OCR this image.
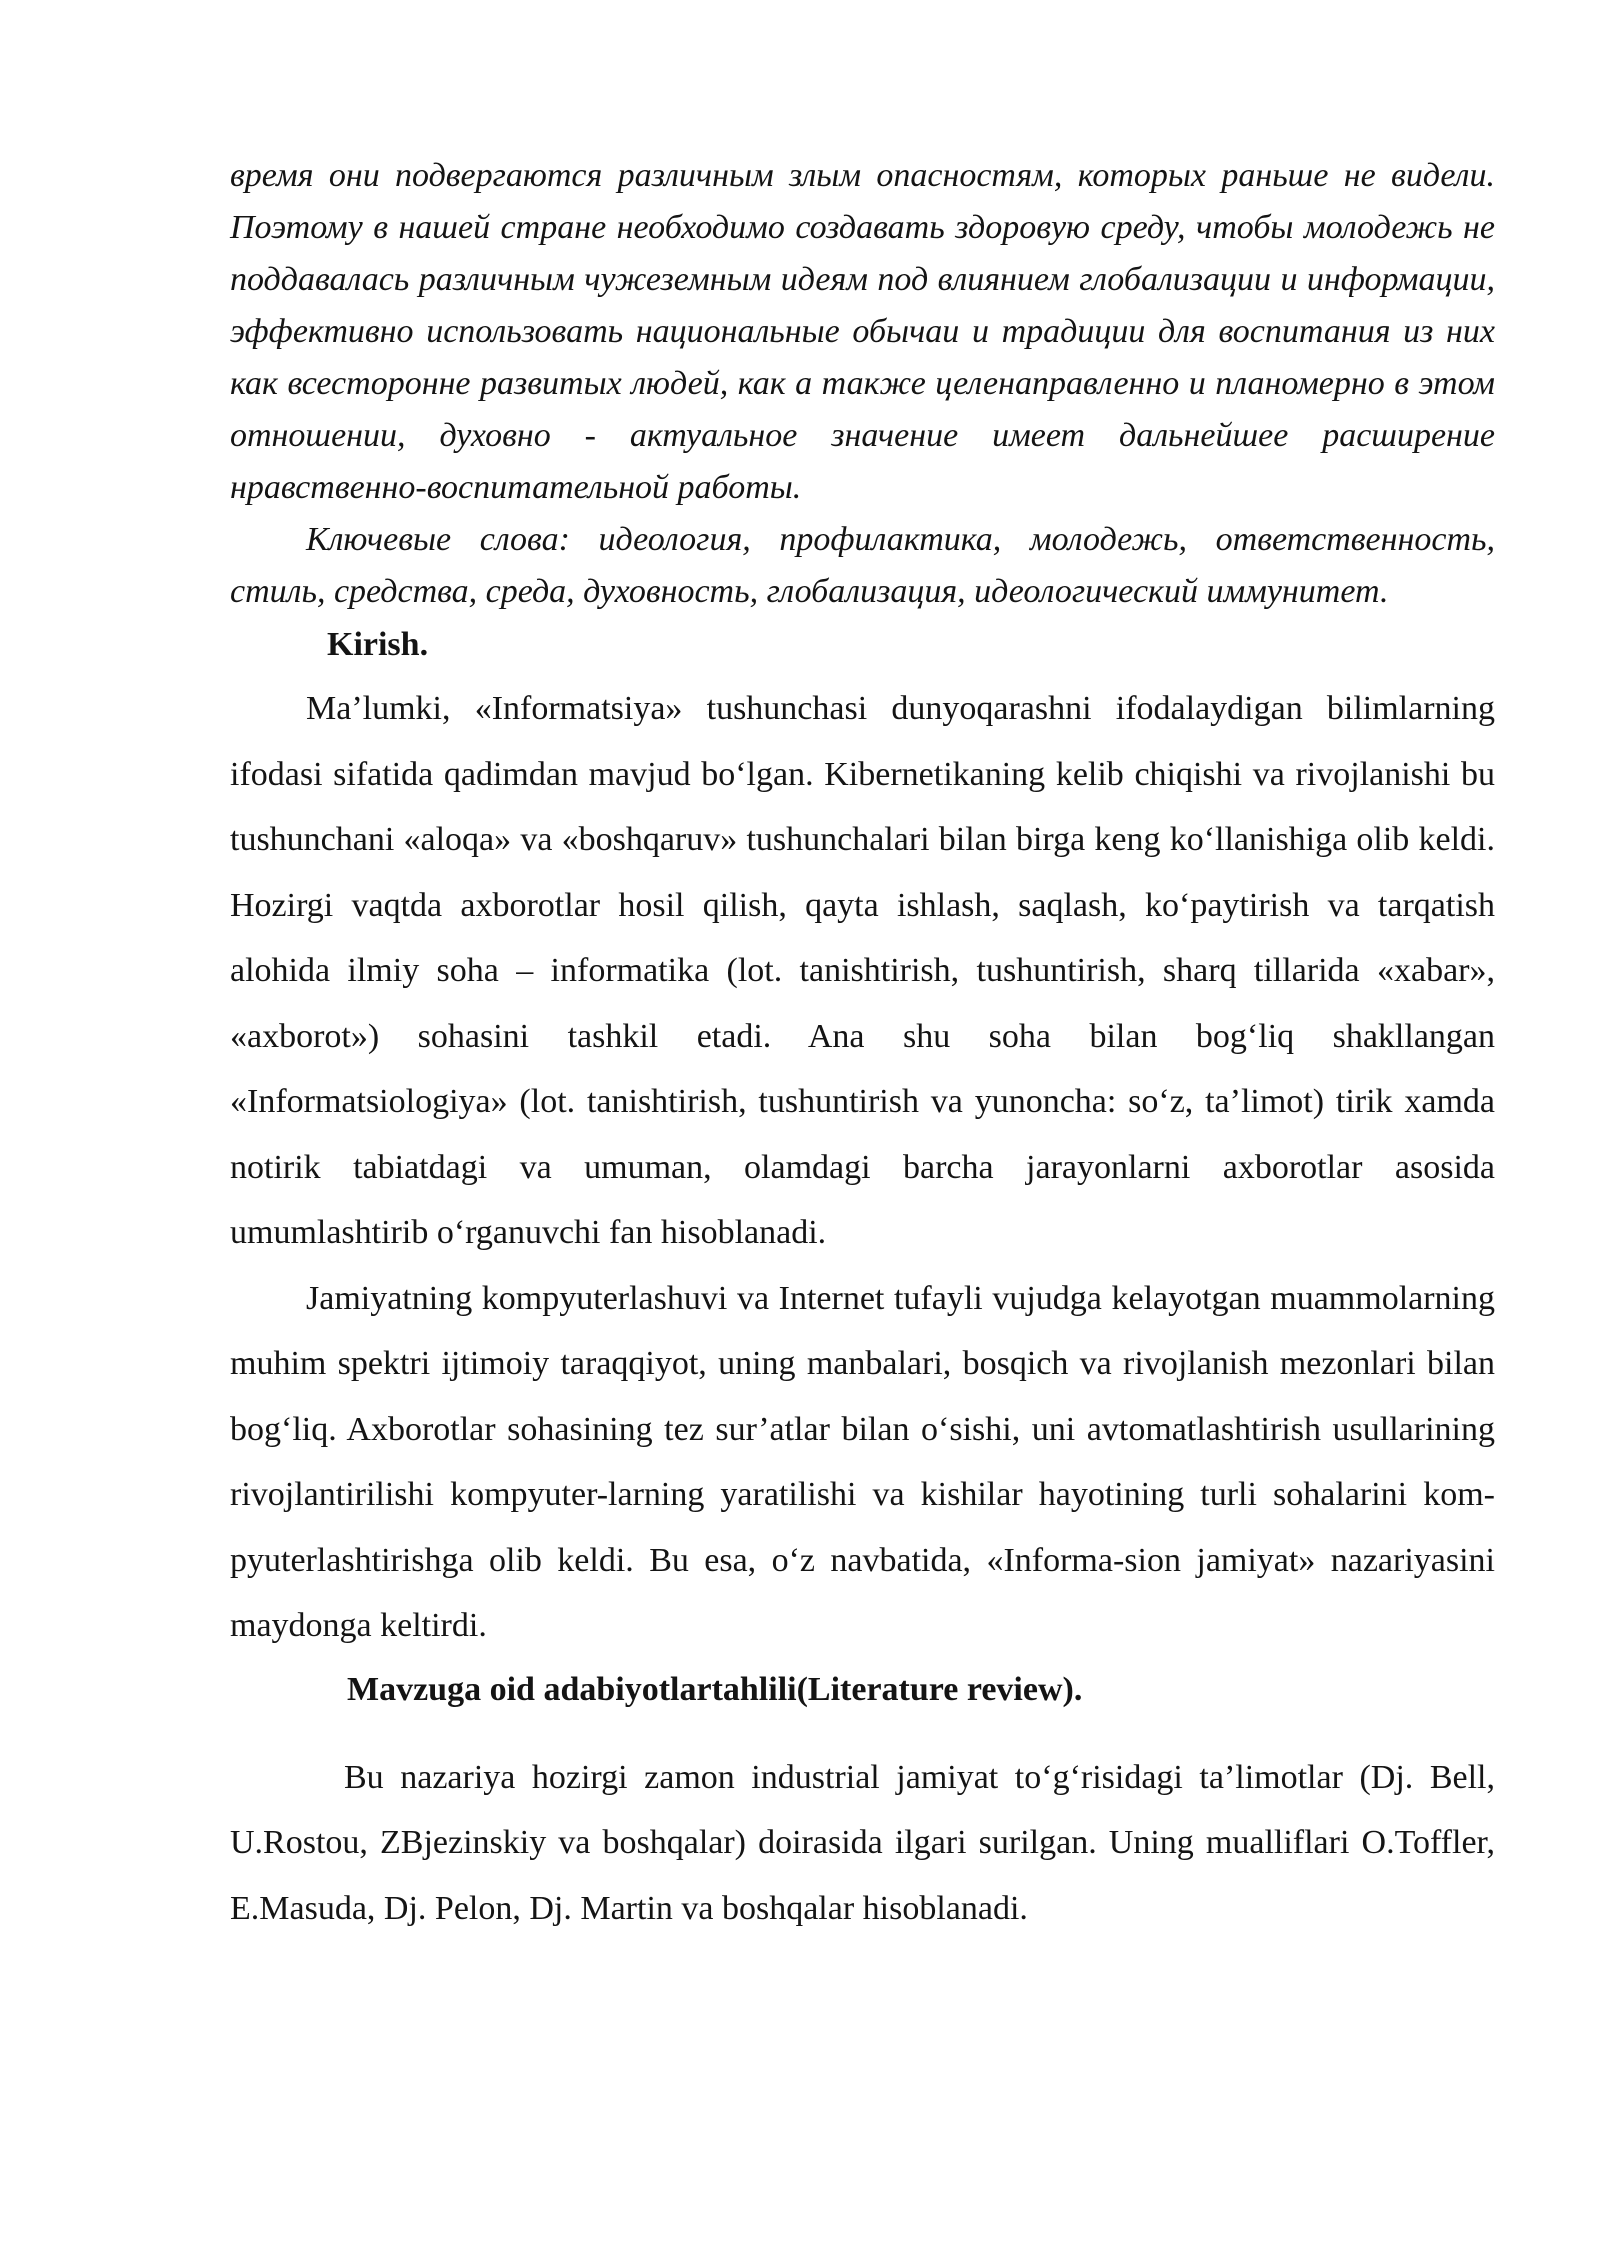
время они подвергаются различным злым опасностям, которых раньше не видели. Поэтому в нашей стране необходимо создавать здоровую среду, чтобы молодежь не поддавалась различным чужеземным идеям под влиянием глобализации и информации, эффективно использовать национальные обычаи и традиции для воспитания из них как всесторонне развитых людей, как а также целенаправленно и планомерно в этом отношении, духовно - актуальное значение имеет дальнейшее расширение нравственно-воспитательной работы.

Ключевые слова: идеология, профилактика, молодежь, ответственность, стиль, средства, среда, духовность, глобализация, идеологический иммунитет.

Kirish.

Ma’lumki, «Informatsiya» tushunchasi dunyoqarashni ifodalaydigan bilimlarning ifodasi sifatida qadimdan mavjud bo‘lgan. Kibernetikaning kelib chiqishi va rivojlanishi bu tushunchani «aloqa» va «boshqaruv» tushunchalari bilan birga keng ko‘llanishiga olib keldi. Hozirgi vaqtda axborotlar hosil qilish, qayta ishlash, saqlash, ko‘paytirish va tarqatish alohida ilmiy soha – informatika (lot. tanishtirish, tushuntirish, sharq tillarida «xabar», «axborot») sohasini tashkil etadi. Ana shu soha bilan bog‘liq shakllangan «Informatsiologiya» (lot. tanishtirish, tushuntirish va yunoncha: so‘z, ta’limot) tirik xamda notirik tabiatdagi va umuman, olamdagi barcha jarayonlarni axborotlar asosida umumlashtirib o‘rganuvchi fan hisoblanadi.

Jamiyatning kompyuterlashuvi va Internet tufayli vujudga kelayotgan muammolarning muhim spektri ijtimoiy taraqqiyot, uning manbalari, bosqich va rivojlanish mezonlari bilan bog‘liq. Axborotlar sohasining tez sur’atlar bilan o‘sishi, uni avtomatlashtirish usullarining rivojlantirilishi kompyuter-larning yaratilishi va kishilar hayotining turli sohalarini kom-pyuterlashtirishga olib keldi. Bu esa, o‘z navbatida, «Informa-sion jamiyat» nazariyasini maydonga keltirdi.

Mavzuga oid adabiyotlartahlili(Literature review).

Bu nazariya hozirgi zamon industrial jamiyat to‘g‘risidagi ta’limotlar (Dj. Bell, U.Rostou, ZBjezinskiy va boshqalar) doirasida ilgari surilgan. Uning mualliflari O.Toffler, E.Masuda, Dj. Pelon, Dj. Martin va boshqalar hisoblanadi.
